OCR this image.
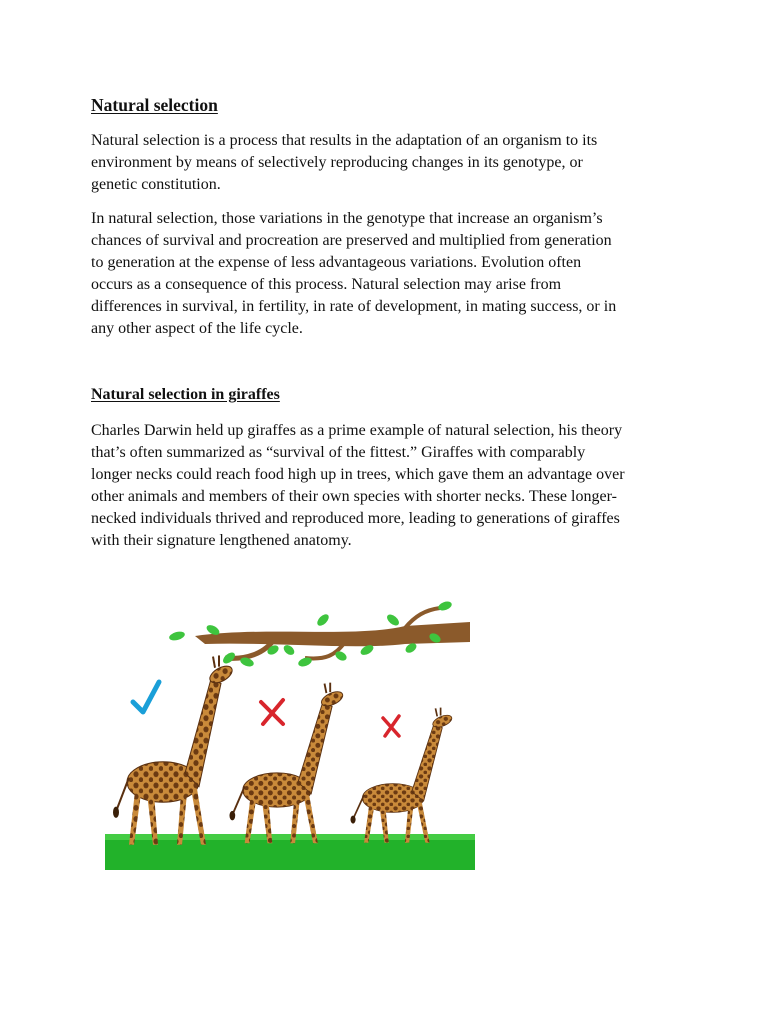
Natural selection

Natural selection is a process that results in the adaptation of an organism to its
environment by means of selectively reproducing changes in its genotype, or
genetic constitution.

In natural selection, those variations in the genotype that increase an organism’s
chances of survival and procreation are preserved and multiplied from generation
to generation at the expense of less advantageous variations. Evolution often
occurs as a consequence of this process. Natural selection may arise from
differences in survival, in fertility, in rate of development, in mating success, or in
any other aspect of the life cycle.

Natural selection in giraffes

Charles Darwin held up giraffes as a prime example of natural selection, his theory
that’s often summarized as “survival of the fittest.” Giraffes with comparably
longer necks could reach food high up in trees, which gave them an advantage over
other animals and members of their own species with shorter necks. These longer-
necked individuals thrived and reproduced more, leading to generations of giraffes
with their signature lengthened anatomy.
